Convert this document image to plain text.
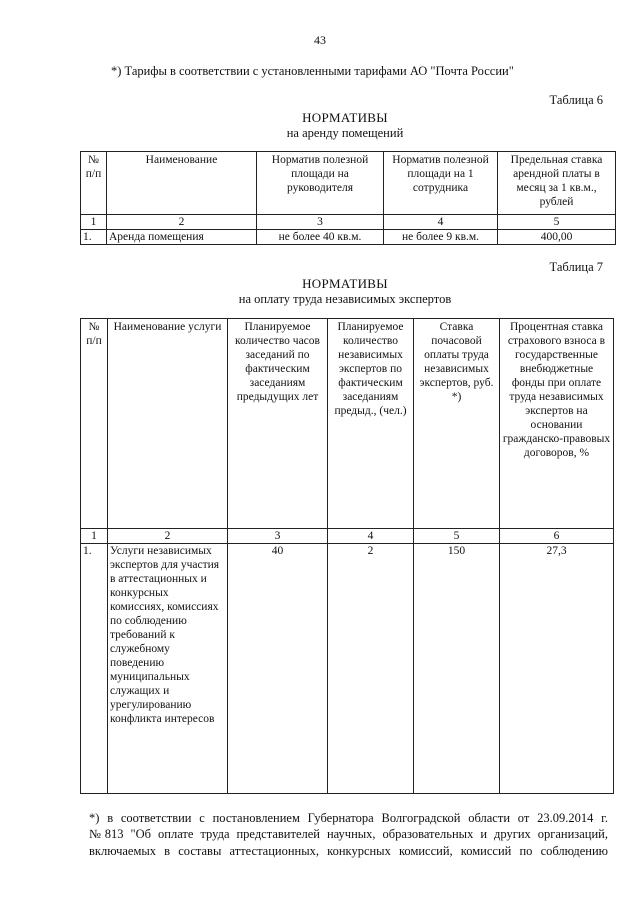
43
*) Тарифы в соответствии с установленными тарифами АО "Почта России"
Таблица 6
НОРМАТИВЫ
на аренду помещений
№ п/п	Наименование	Норматив полезной площади на руководителя	Норматив полезной площади на 1 сотрудника	Предельная ставка арендной платы в месяц за 1 кв.м., рублей
1	2	3	4	5
1.	Аренда помещения	не более 40 кв.м.	не более 9 кв.м.	400,00
Таблица 7
НОРМАТИВЫ
на оплату труда независимых экспертов
№ п/п	Наименование услуги	Планируемое количество часов заседаний по фактическим заседаниям предыдущих лет	Планируемое количество независимых экспертов по фактическим заседаниям предыд., (чел.)	Ставка почасовой оплаты труда независимых экспертов, руб. *)	Процентная ставка страхового взноса в государственные внебюджетные фонды при оплате труда независимых экспертов на основании гражданско-правовых договоров, %
1	2	3	4	5	6
1.	Услуги независимых экспертов для участия в аттестационных и конкурсных комиссиях, комиссиях по соблюдению требований к служебному поведению муниципальных служащих и урегулированию конфликта интересов	40	2	150	27,3

*) в соответствии с постановлением Губернатора Волгоградской области от 23.09.2014 г.

№813 "Об оплате труда представителей научных, образовательных и других организаций,

включаемых в составы аттестационных, конкурсных комиссий, комиссий по соблюдению
